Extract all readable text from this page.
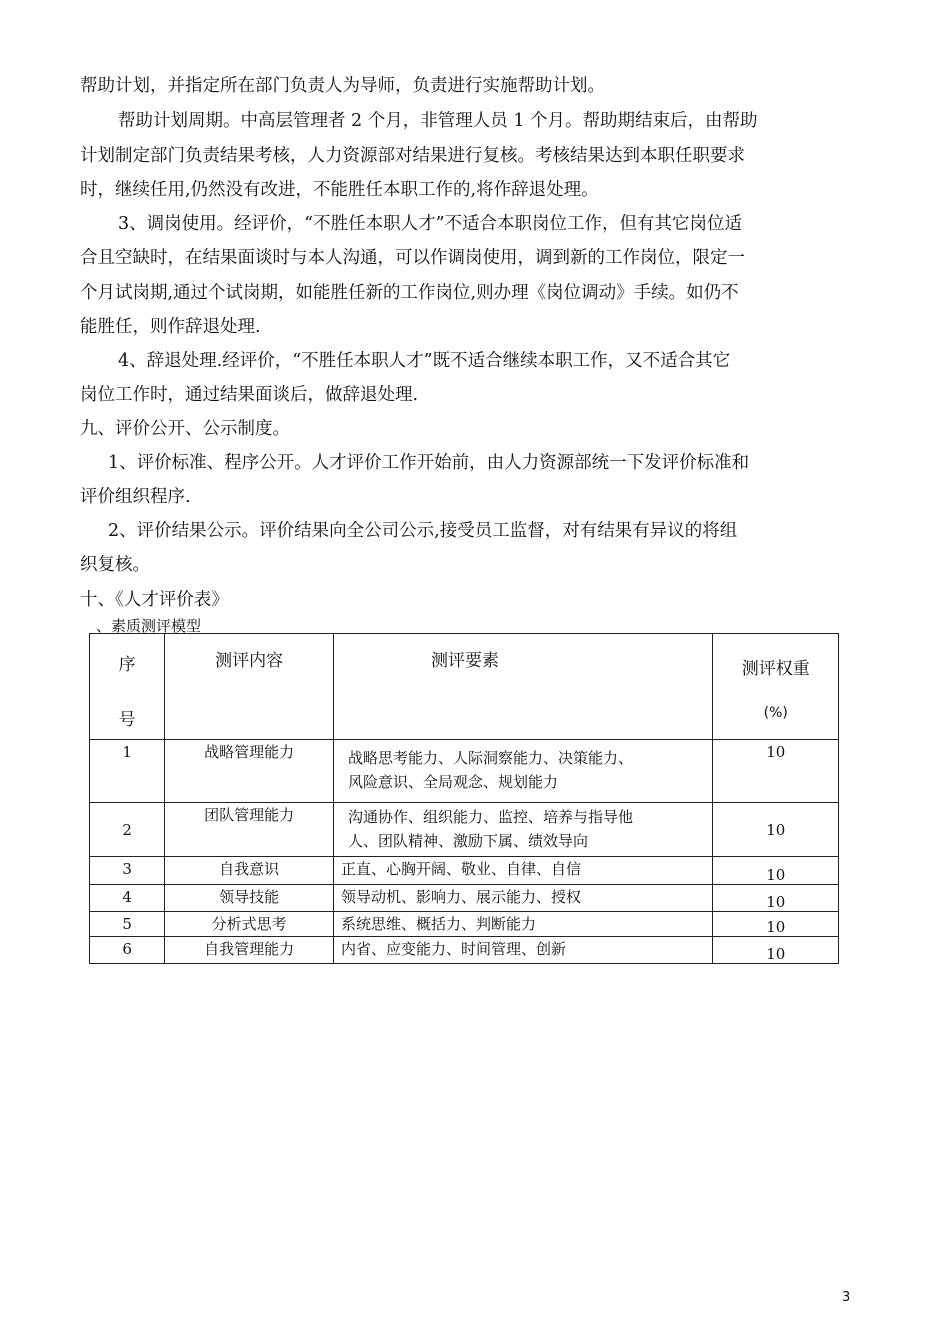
帮助计划，并指定所在部门负责人为导师，负责进行实施帮助计划。
帮助计划周期。中高层管理者 2 个月，非管理人员 1 个月。帮助期结束后，由帮助
计划制定部门负责结果考核，人力资源部对结果进行复核。考核结果达到本职任职要求
时，继续任用,仍然没有改进，不能胜任本职工作的,将作辞退处理。
3、调岗使用。经评价，“不胜任本职人才”不适合本职岗位工作，但有其它岗位适
合且空缺时，在结果面谈时与本人沟通，可以作调岗使用，调到新的工作岗位，限定一
个月试岗期,通过个试岗期，如能胜任新的工作岗位,则办理《岗位调动》手续。如仍不
能胜任，则作辞退处理.
4、辞退处理.经评价，“不胜任本职人才”既不适合继续本职工作，又不适合其它
岗位工作时，通过结果面谈后，做辞退处理.
九、评价公开、公示制度。
1、评价标准、程序公开。人才评价工作开始前，由人力资源部统一下发评价标准和
评价组织程序.
2、评价结果公示。评价结果向全公司公示,接受员工监督，对有结果有异议的将组
织复核。
十、《人才评价表》
、素质测评模型
序
号	测评内容	测评要素	测评权重
(%)

1	战略管理能力	战略思考能力、人际洞察能力、决策能力、
风险意识、全局观念、规划能力	10

2	团队管理能力	沟通协作、组织能力、监控、培养与指导他
人、团队精神、激励下属、绩效导向	10

3	自我意识	正直、心胸开阔、敬业、自律、自信	10

4	领导技能	领导动机、影响力、展示能力、授权	10

5	分析式思考	系统思维、概括力、判断能力	10

6	自我管理能力	内省、应变能力、时间管理、创新	10
3
